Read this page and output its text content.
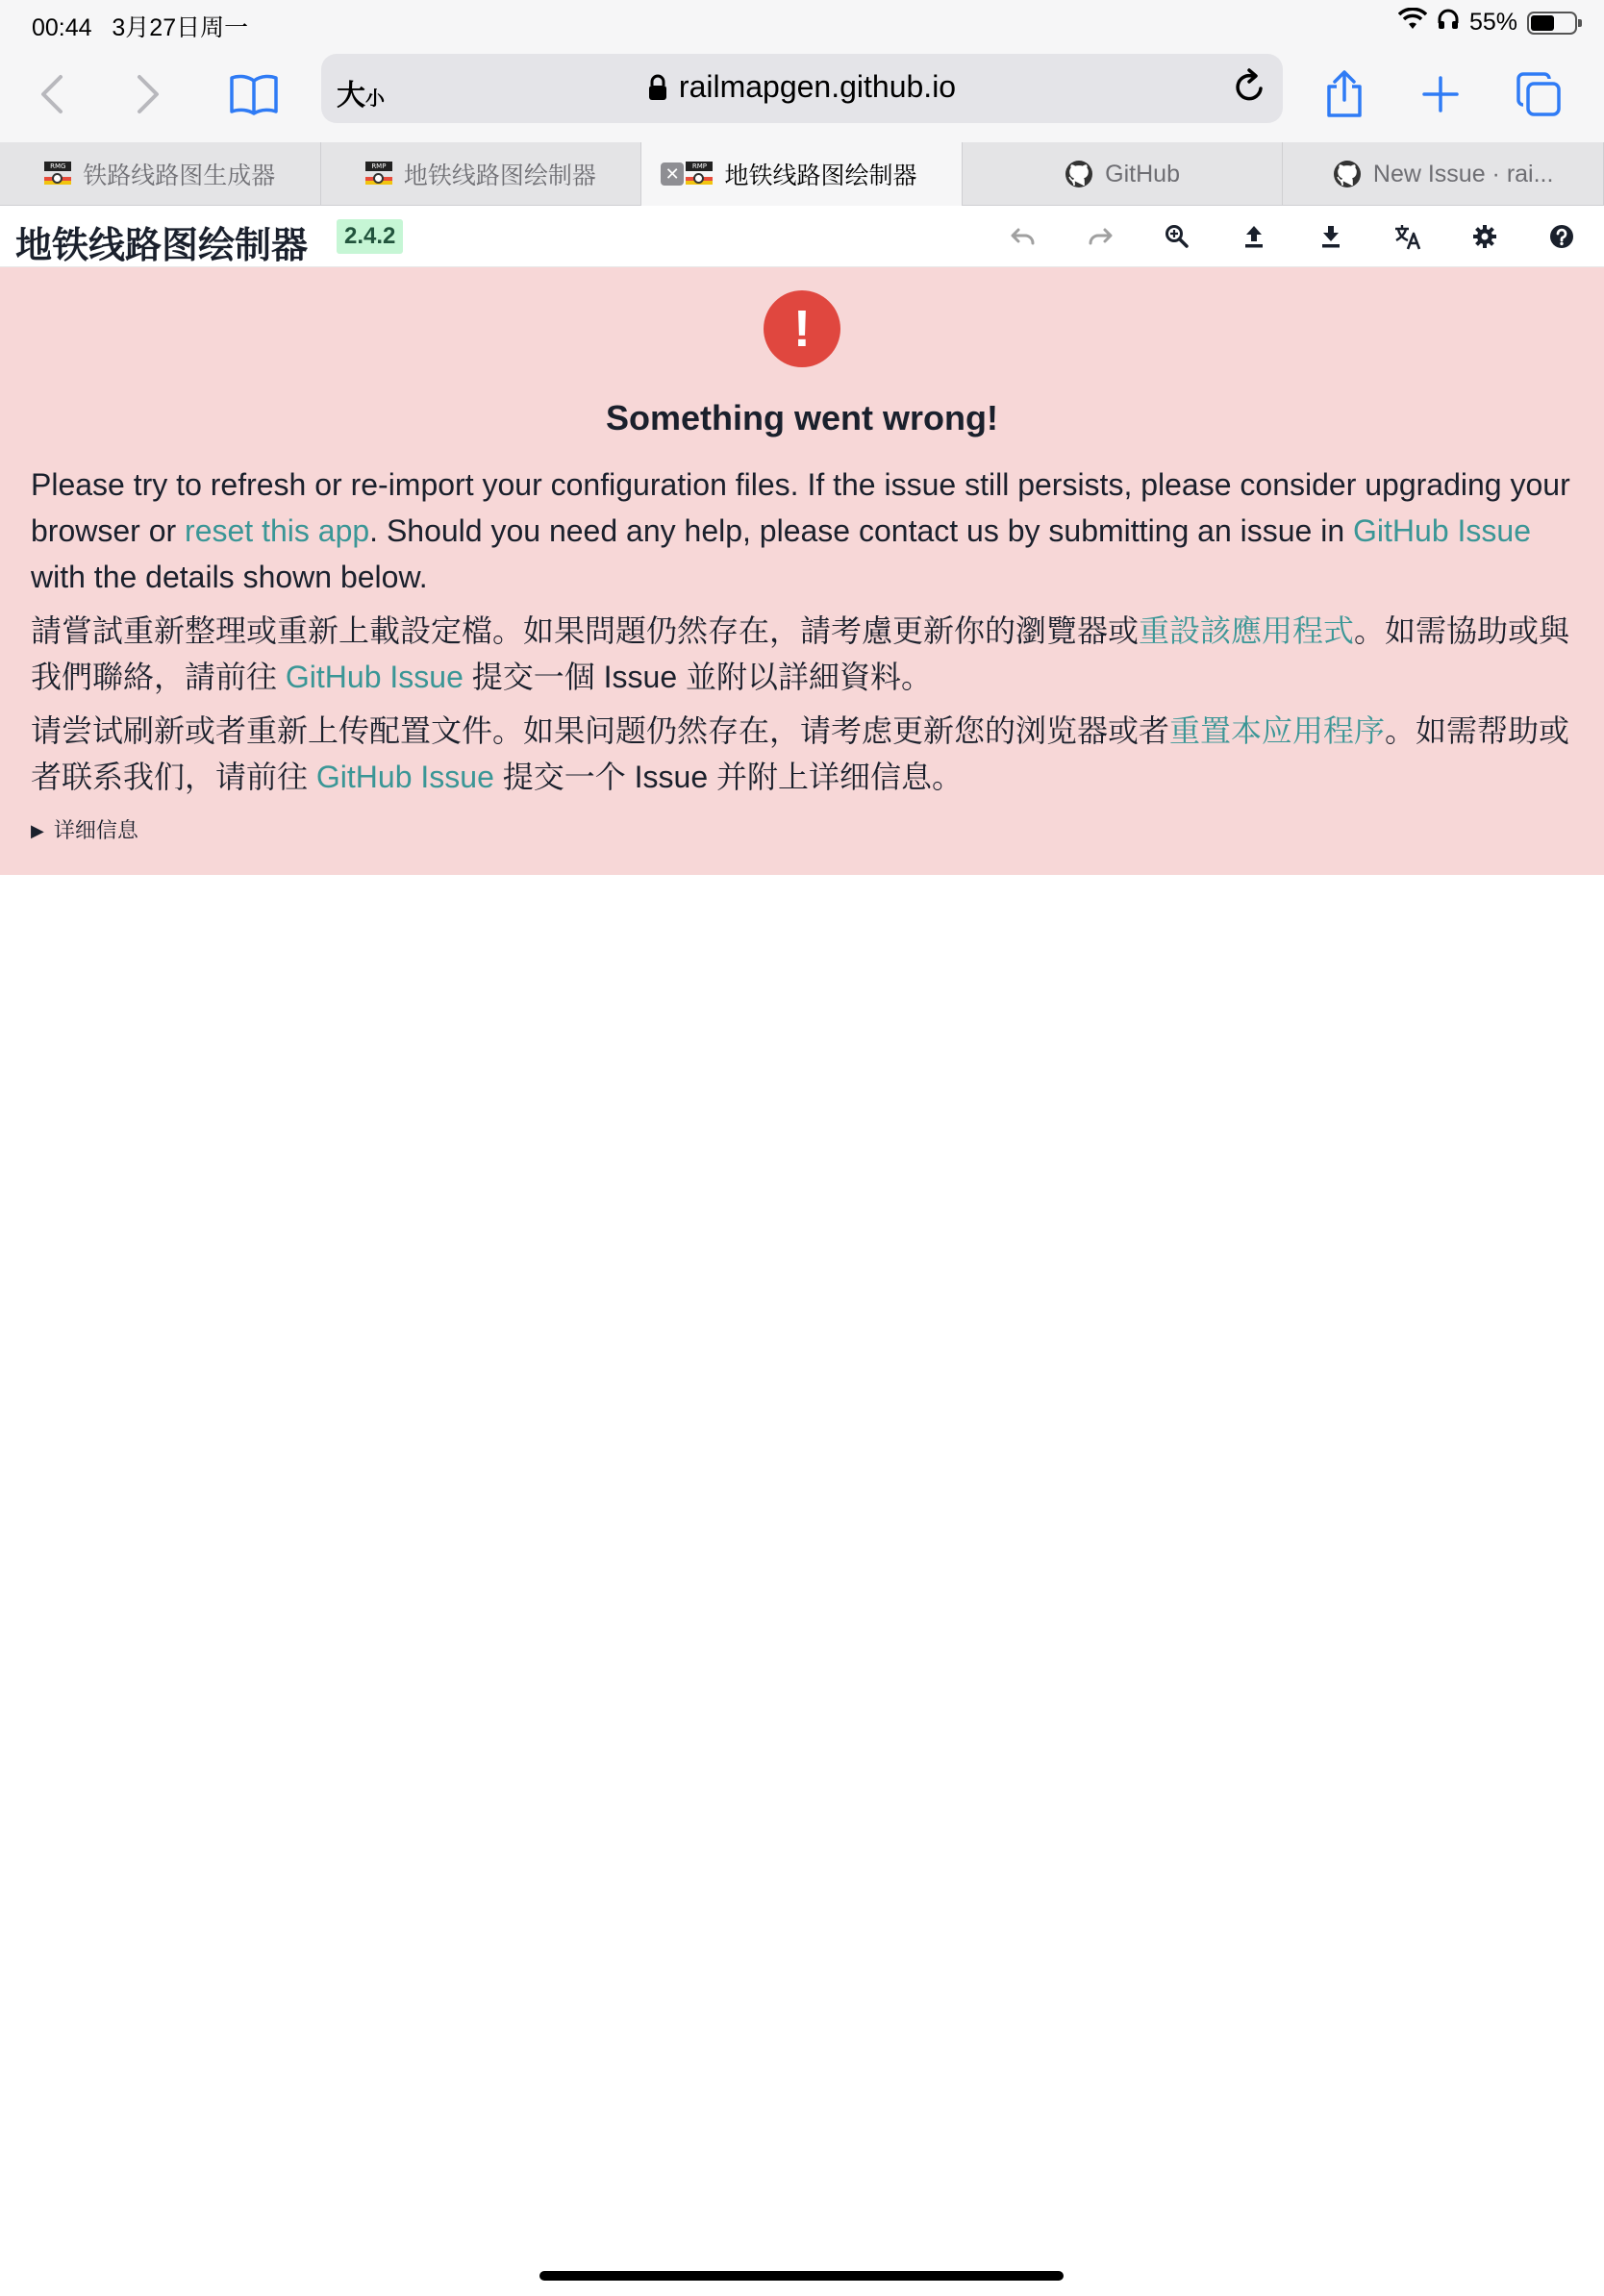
00:44 3月27日周一	55%
大小	railmapgen.github.io
RMG 铁路线路图生成器	RMP 地铁线路图绘制器	✕	RMP 地铁线路图绘制器	GitHub	New Issue · rai...
地铁线路图绘制器	2.4.2
!
Something went wrong!

Please try to refresh or re-import your configuration files. If the issue still persists, please consider upgrading your browser or reset this app. Should you need any help, please contact us by submitting an issue in GitHub Issue with the details shown below.

請嘗試重新整理或重新上載設定檔。如果問題仍然存在，請考慮更新你的瀏覽器或重設該應用程式。如需協助或與我們聯絡，請前往 GitHub Issue 提交一個 Issue 並附以詳細資料。

请尝试刷新或者重新上传配置文件。如果问题仍然存在，请考虑更新您的浏览器或者重置本应用程序。如需帮助或者联系我们，请前往 GitHub Issue 提交一个 Issue 并附上详细信息。

▶ 详细信息
